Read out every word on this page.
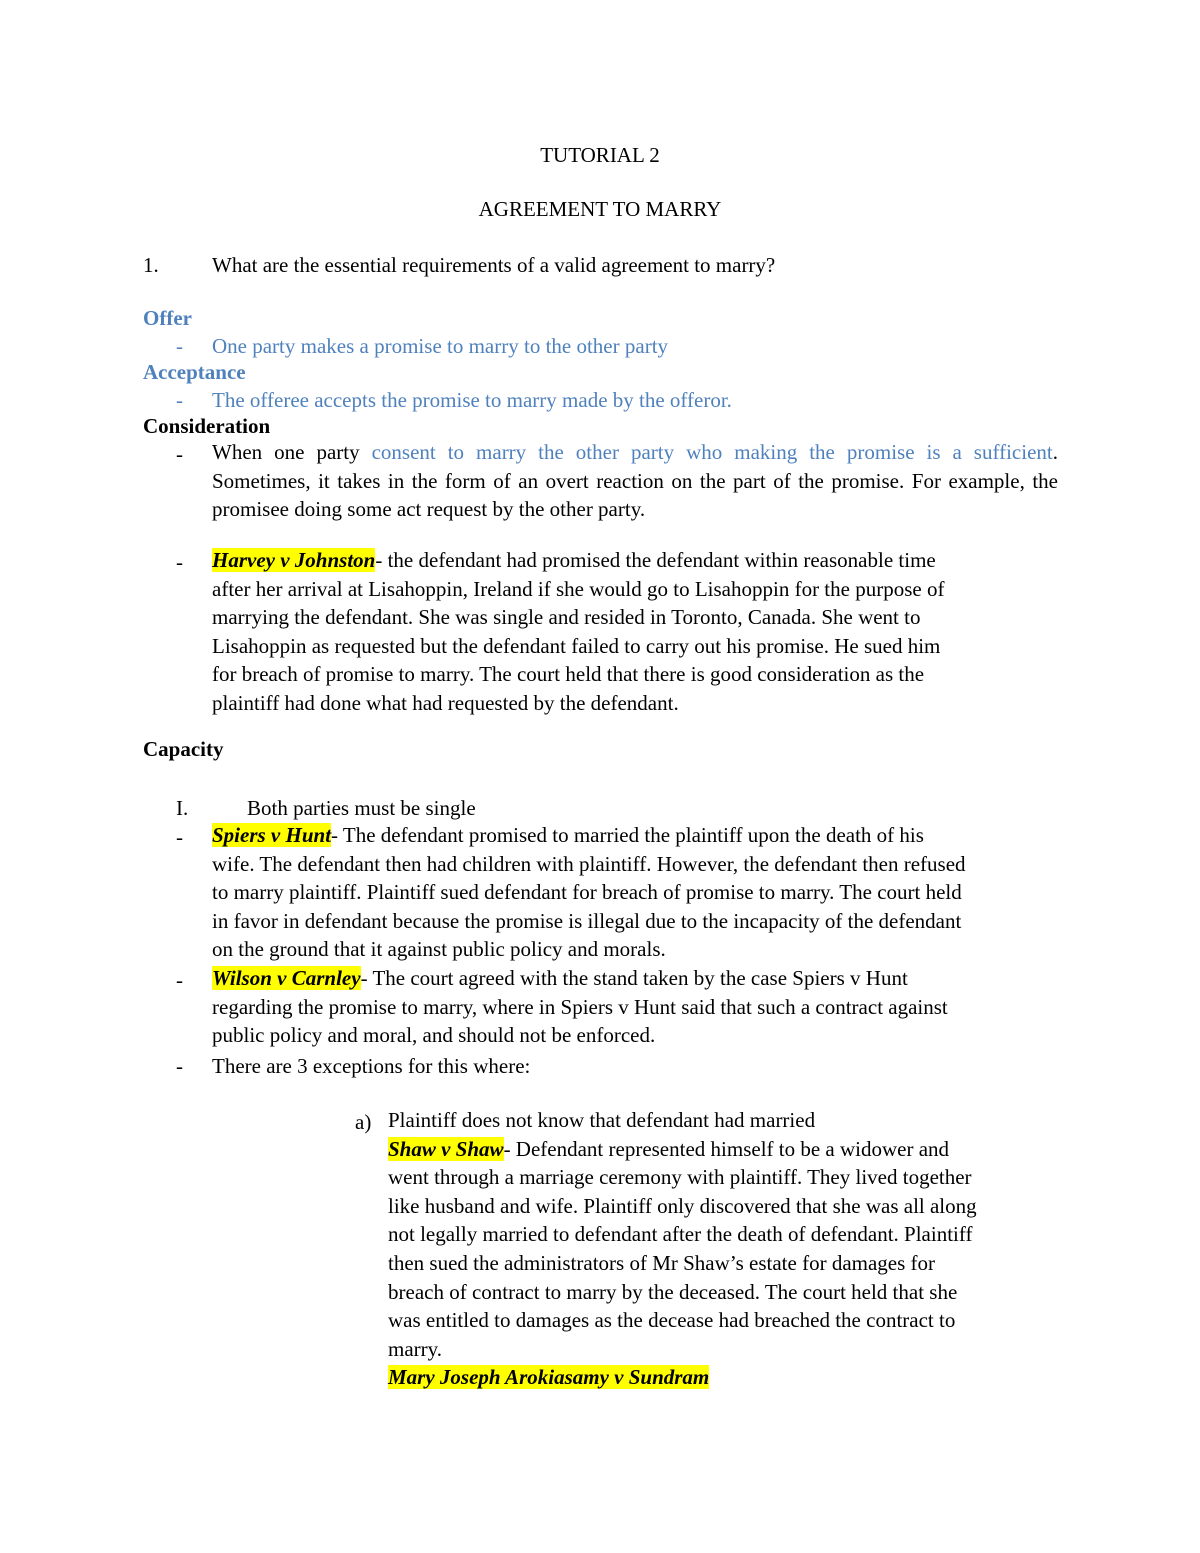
TUTORIAL 2
AGREEMENT TO MARRY
1.	What are the essential requirements of a valid agreement to marry?
Offer
- One party makes a promise to marry to the other party
Acceptance
- The offeree accepts the promise to marry made by the offeror.
Consideration
- When one party consent to marry the other party who making the promise is a sufficient. Sometimes, it takes in the form of an overt reaction on the part of the promise. For example, the promisee doing some act request by the other party.

- Harvey v Johnston- the defendant had promised the defendant within reasonable time
after her arrival at Lisahoppin, Ireland if she would go to Lisahoppin for the purpose of
marrying the defendant. She was single and resided in Toronto, Canada. She went to
Lisahoppin as requested but the defendant failed to carry out his promise. He sued him
for breach of promise to marry. The court held that there is good consideration as the
plaintiff had done what had requested by the defendant.
Capacity
I.	Both parties must be single
- Spiers v Hunt- The defendant promised to married the plaintiff upon the death of his
wife. The defendant then had children with plaintiff. However, the defendant then refused
to marry plaintiff. Plaintiff sued defendant for breach of promise to marry. The court held
in favor in defendant because the promise is illegal due to the incapacity of the defendant
on the ground that it against public policy and morals.
- Wilson v Carnley- The court agreed with the stand taken by the case Spiers v Hunt
regarding the promise to marry, where in Spiers v Hunt said that such a contract against
public policy and moral, and should not be enforced.
- There are 3 exceptions for this where:
a) Plaintiff does not know that defendant had married
Shaw v Shaw- Defendant represented himself to be a widower and
went through a marriage ceremony with plaintiff. They lived together
like husband and wife. Plaintiff only discovered that she was all along
not legally married to defendant after the death of defendant. Plaintiff
then sued the administrators of Mr Shaw’s estate for damages for
breach of contract to marry by the deceased. The court held that she
was entitled to damages as the decease had breached the contract to
marry.
Mary Joseph Arokiasamy v Sundram
